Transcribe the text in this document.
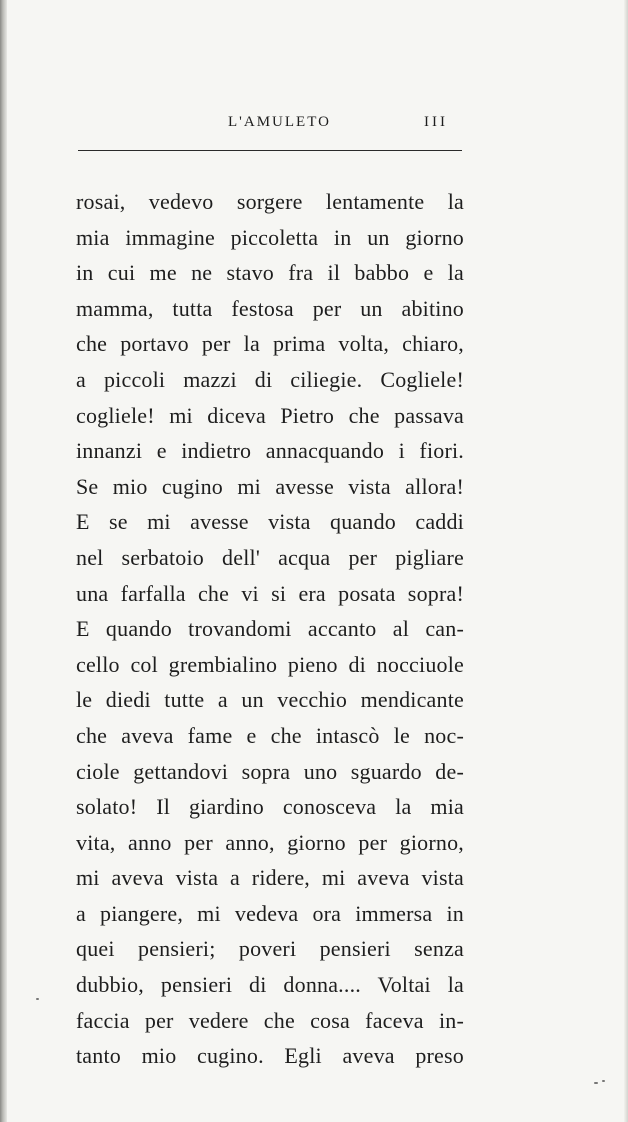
L'AMULETO	III
rosai, vedevo sorgere lentamente la
mia immagine piccoletta in un giorno
in cui me ne stavo fra il babbo e la
mamma, tutta festosa per un abitino
che portavo per la prima volta, chiaro,
a piccoli mazzi di ciliegie. Cogliele!
cogliele! mi diceva Pietro che passava
innanzi e indietro annacquando i fiori.
Se mio cugino mi avesse vista allora!
E se mi avesse vista quando caddi
nel serbatoio dell' acqua per pigliare
una farfalla che vi si era posata sopra!
E quando trovandomi accanto al can-
cello col grembialino pieno di nocciuole
le diedi tutte a un vecchio mendicante
che aveva fame e che intascò le noc-
ciole gettandovi sopra uno sguardo de-
solato! Il giardino conosceva la mia
vita, anno per anno, giorno per giorno,
mi aveva vista a ridere, mi aveva vista
a piangere, mi vedeva ora immersa in
quei pensieri; poveri pensieri senza
dubbio, pensieri di donna.... Voltai la
faccia per vedere che cosa faceva in-
tanto mio cugino. Egli aveva preso
